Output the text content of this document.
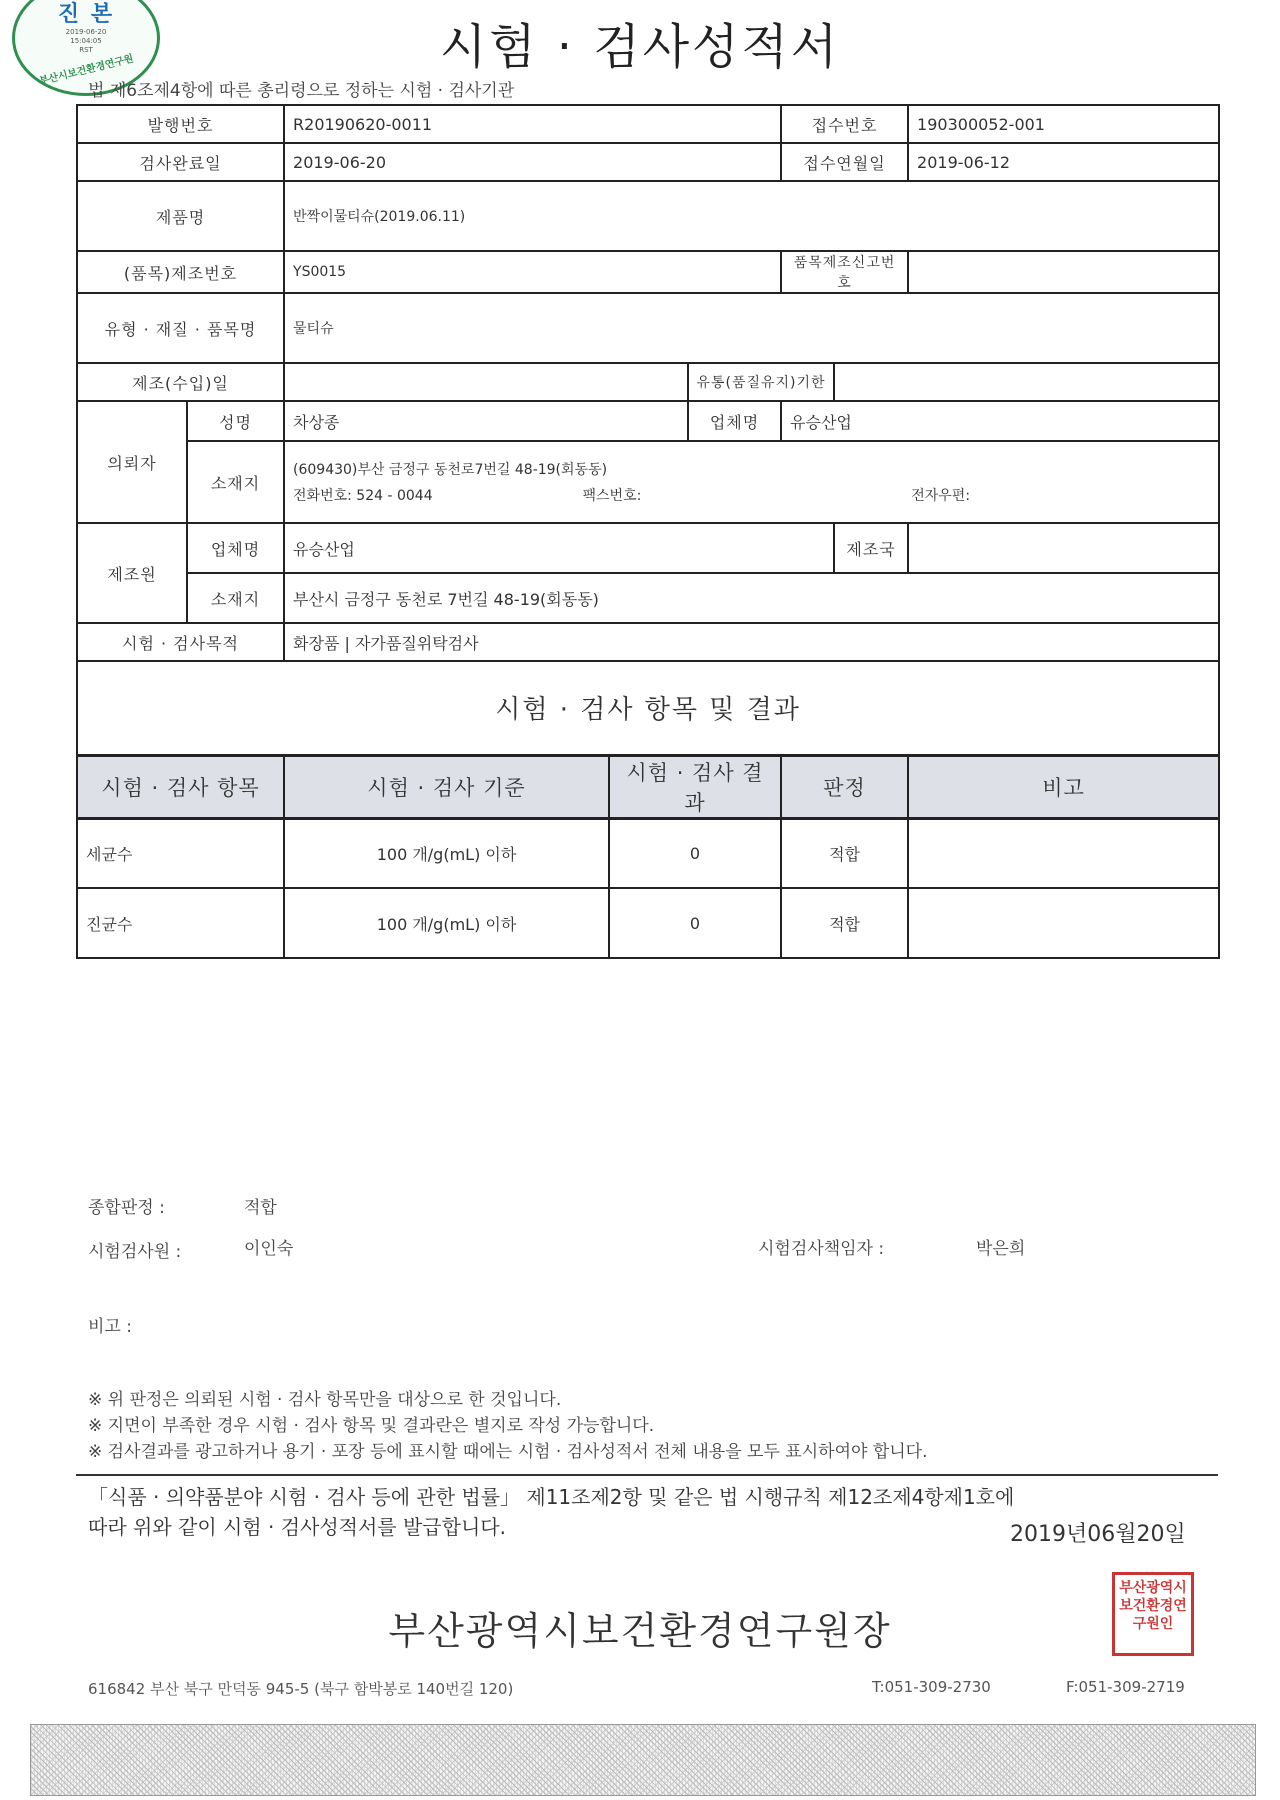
진 본
2019-06-20
15:04:05
RST
부산시보건환경연구원	시험 · 검사성적서
법 제6조제4항에 따른 총리령으로 정하는 시험 · 검사기관
발행번호		R20190620-0011			접수번호		190300052-001
검사완료일		2019-06-20			접수연월일		2019-06-12
제품명		반짝이물티슈(2019.06.11)					
(품목)제조번호		YS0015			품목제조신고번호		
유형 · 재질 · 품목명		물티슈					
제조(수입)일				유통(품질유지)기한			
의뢰자	성명	차상종		업체명	유승산업		
	소재지	(609430)부산 금정구 동천로7번길 48-19(회동동)
전화번호: 524 - 0044 팩스번호: 전자우편:					

제조원	업체명	유승산업				제조국	
	소재지	부산시 금정구 동천로 7번길 48-19(회동동)					
시험 · 검사목적		화장품 | 자가품질위탁검사					
시험 · 검사 항목 및 결과							
시험 · 검사 항목		시험 · 검사 기준	시험 · 검사 결과		판정		비고
세균수		100 개/g(mL) 이하	0		적합		
진균수		100 개/g(mL) 이하	0		적합		
종합판정 :	적합
시험검사원 :	이인숙	시험검사책임자 :	박은희
비고 :
※ 위 판정은 의뢰된 시험 · 검사 항목만을 대상으로 한 것입니다.
※ 지면이 부족한 경우 시험 · 검사 항목 및 결과란은 별지로 작성 가능합니다.
※ 검사결과를 광고하거나 용기 · 포장 등에 표시할 때에는 시험 · 검사성적서 전체 내용을 모두 표시하여야 합니다.
「식품 · 의약품분야 시험 · 검사 등에 관한 법률」 제11조제2항 및 같은 법 시행규칙 제12조제4항제1호에
따라 위와 같이 시험 · 검사성적서를 발급합니다.	2019년06월20일
부산광역시보건환경연구원장
부산광역시보건환경연구원인
616842 부산 북구 만덕동 945-5 (북구 함박봉로 140번길 120)	T:051-309-2730	F:051-309-2719
